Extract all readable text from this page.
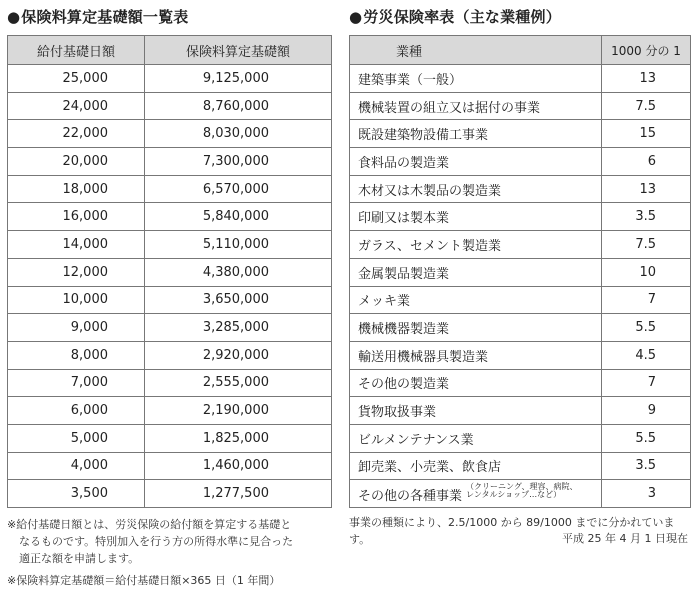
●保険料算定基礎額一覧表	●労災保険率表（主な業種例）
給付基礎日額	保険料算定基礎額
25,000	9,125,000
24,000	8,760,000
22,000	8,030,000
20,000	7,300,000
18,000	6,570,000
16,000	5,840,000
14,000	5,110,000
12,000	4,380,000
10,000	3,650,000
9,000	3,285,000
8,000	2,920,000
7,000	2,555,000
6,000	2,190,000
5,000	1,825,000
4,000	1,460,000
3,500	1,277,500
業種	1000 分の 1
建築事業（一般）	13
機械装置の組立又は据付の事業	7.5
既設建築物設備工事業	15
食料品の製造業	6
木材又は木製品の製造業	13
印刷又は製本業	3.5
ガラス、セメント製造業	7.5
金属製品製造業	10
メッキ業	7
機械機器製造業	5.5
輸送用機械器具製造業	4.5
その他の製造業	7
貨物取扱事業	9
ビルメンテナンス業	5.5
卸売業、小売業、飲食店	3.5
その他の各種事業
（クリーニング、理容、病院、
レンタルショップ…など）	3
※給付基礎日額とは、労災保険の給付額を算定する基礎と
なるものです。特別加入を行う方の所得水準に見合った
適正な額を申請します。
※保険料算定基礎額＝給付基礎日額×365 日（1 年間）
事業の種類により、2.5/1000 から 89/1000 までに分かれています。	平成 25 年 4 月 1 日現在
